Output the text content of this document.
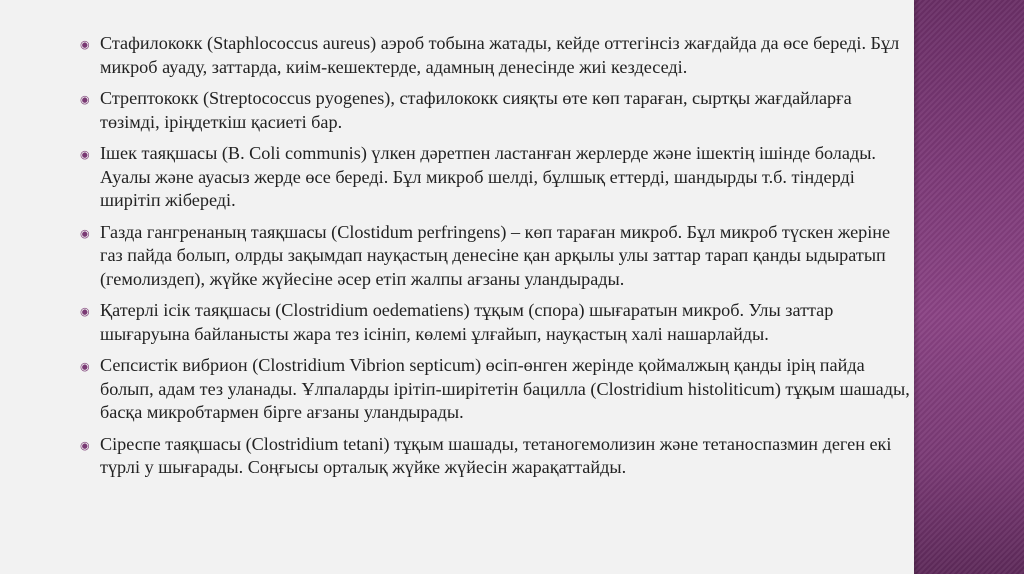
◉ Стафилококк (Staphlococcus aureus) аэроб тобына жатады, кейде оттегінсіз жағдайда да өсе береді. Бұл микроб ауаду, заттарда, киім-кешектерде, адамның денесінде жиі кездеседі.
◉ Стрептококк (Streptococcus pyogenes), стафилококк сияқты өте көп тараған, сыртқы жағдайларға төзімді, іріңдеткіш қасиеті бар.
◉ Ішек таяқшасы (B. Coli communis) үлкен дәретпен ластанған жерлерде және ішектің ішінде болады. Ауалы және ауасыз жерде өсе береді. Бұл микроб шелді, бұлшық еттерді, шандырды т.б. тіндерді ширітіп жібереді.
◉ Газда гангренаның таяқшасы (Clostidum perfringens) – көп тараған микроб. Бұл микроб түскен жеріне газ пайда болып, олрды зақымдап науқастың денесіне қан арқылы улы заттар тарап қанды ыдыратып (гемолиздеп), жүйке жүйесіне әсер етіп жалпы ағзаны уландырады.
◉ Қатерлі ісік таяқшасы (Clostridium oedematiens) тұқым (спора) шығаратын микроб. Улы заттар шығаруына байланысты жара тез ісініп, көлемі ұлғайып, науқастың халі нашарлайды.
◉ Сепсистік вибрион (Clostridium Vibrion septicum) өсіп-өнген жерінде қоймалжың қанды ірің пайда болып, адам тез уланады. Ұлпаларды ірітіп-ширітетін бацилла (Clostridium histoliticum) тұқым шашады, басқа микробтармен бірге ағзаны уландырады.
◉ Сіреспе таяқшасы (Clostridium tetani) тұқым шашады, тетаногемолизин және тетаноспазмин деген екі түрлі у шығарады. Соңғысы орталық жүйке жүйесін жарақаттайды.
